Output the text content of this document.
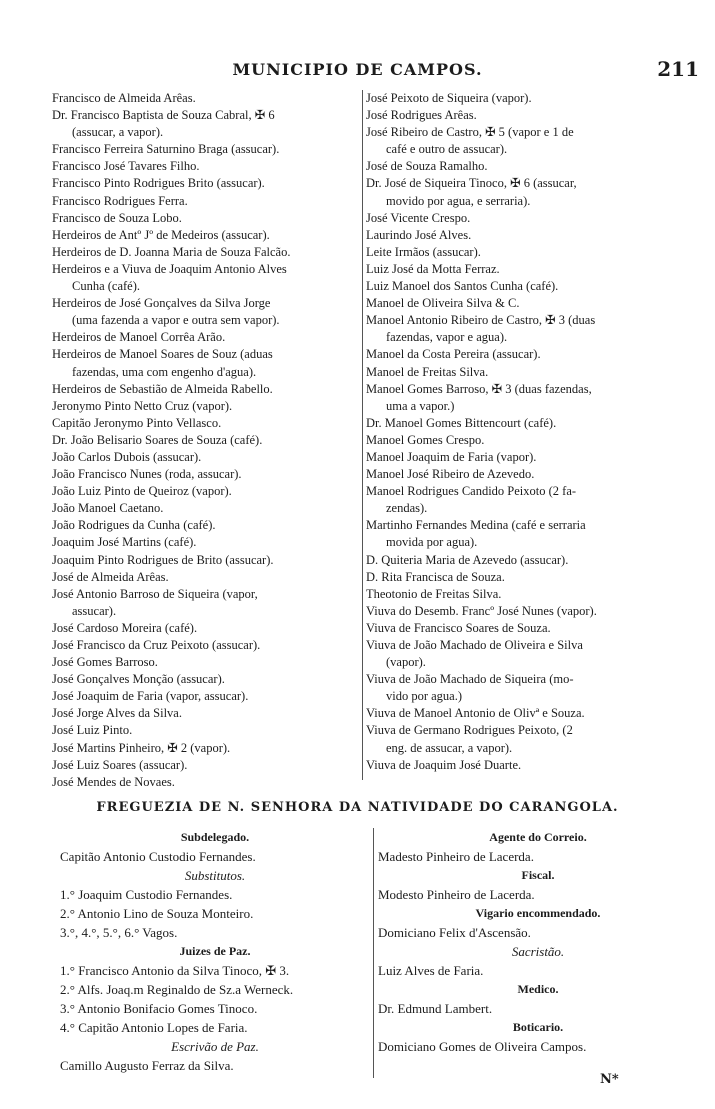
MUNICIPIO DE CAMPOS.	211
Francisco de Almeida Arêas.
Dr. Francisco Baptista de Souza Cabral, ✠ 6
(assucar, a vapor).
Francisco Ferreira Saturnino Braga (assucar).
Francisco José Tavares Filho.
Francisco Pinto Rodrigues Brito (assucar).
Francisco Rodrigues Ferra.
Francisco de Souza Lobo.
Herdeiros de Antº Jº de Medeiros (assucar).
Herdeiros de D. Joanna Maria de Souza Falcão.
Herdeiros e a Viuva de Joaquim Antonio Alves
Cunha (café).
Herdeiros de José Gonçalves da Silva Jorge
(uma fazenda a vapor e outra sem vapor).
Herdeiros de Manoel Corrêa Arão.
Herdeiros de Manoel Soares de Souz (aduas
fazendas, uma com engenho d'agua).
Herdeiros de Sebastião de Almeida Rabello.
Jeronymo Pinto Netto Cruz (vapor).
Capitão Jeronymo Pinto Vellasco.
Dr. João Belisario Soares de Souza (café).
João Carlos Dubois (assucar).
João Francisco Nunes (roda, assucar).
João Luiz Pinto de Queiroz (vapor).
João Manoel Caetano.
João Rodrigues da Cunha (café).
Joaquim José Martins (café).
Joaquim Pinto Rodrigues de Brito (assucar).
José de Almeida Arêas.
José Antonio Barroso de Siqueira (vapor,
assucar).
José Cardoso Moreira (café).
José Francisco da Cruz Peixoto (assucar).
José Gomes Barroso.
José Gonçalves Monção (assucar).
José Joaquim de Faria (vapor, assucar).
José Jorge Alves da Silva.
José Luiz Pinto.
José Martins Pinheiro, ✠ 2 (vapor).
José Luiz Soares (assucar).
José Mendes de Novaes.
José Peixoto de Siqueira (vapor).
José Rodrigues Arêas.
José Ribeiro de Castro, ✠ 5 (vapor e 1 de
café e outro de assucar).
José de Souza Ramalho.
Dr. José de Siqueira Tinoco, ✠ 6 (assucar,
movido por agua, e serraria).
José Vicente Crespo.
Laurindo José Alves.
Leite Irmãos (assucar).
Luiz José da Motta Ferraz.
Luiz Manoel dos Santos Cunha (café).
Manoel de Oliveira Silva & C.
Manoel Antonio Ribeiro de Castro, ✠ 3 (duas
fazendas, vapor e agua).
Manoel da Costa Pereira (assucar).
Manoel de Freitas Silva.
Manoel Gomes Barroso, ✠ 3 (duas fazendas,
uma a vapor.)
Dr. Manoel Gomes Bittencourt (café).
Manoel Gomes Crespo.
Manoel Joaquim de Faria (vapor).
Manoel José Ribeiro de Azevedo.
Manoel Rodrigues Candido Peixoto (2 fa-
zendas).
Martinho Fernandes Medina (café e serraria
movida por agua).
D. Quiteria Maria de Azevedo (assucar).
D. Rita Francisca de Souza.
Theotonio de Freitas Silva.
Viuva do Desemb. Francº José Nunes (vapor).
Viuva de Francisco Soares de Souza.
Viuva de João Machado de Oliveira e Silva
(vapor).
Viuva de João Machado de Siqueira (mo-
vido por agua.)
Viuva de Manoel Antonio de Olivª e Souza.
Viuva de Germano Rodrigues Peixoto, (2
eng. de assucar, a vapor).
Viuva de Joaquim José Duarte.
FREGUEZIA DE N. SENHORA DA NATIVIDADE DO CARANGOLA.
Subdelegado.
Capitão Antonio Custodio Fernandes.
Substitutos.
1.° Joaquim Custodio Fernandes.
2.° Antonio Lino de Souza Monteiro.
3.°, 4.°, 5.°, 6.° Vagos.
Juizes de Paz.
1.° Francisco Antonio da Silva Tinoco, ✠ 3.
2.° Alfs. Joaq.m Reginaldo de Sz.a Werneck.
3.° Antonio Bonifacio Gomes Tinoco.
4.° Capitão Antonio Lopes de Faria.
Escrivão de Paz.
Camillo Augusto Ferraz da Silva.
Agente do Correio.
Madesto Pinheiro de Lacerda.
Fiscal.
Modesto Pinheiro de Lacerda.
Vigario encommendado.
Domiciano Felix d'Ascensão.
Sacristão.
Luiz Alves de Faria.
Medico.
Dr. Edmund Lambert.
Boticario.
Domiciano Gomes de Oliveira Campos.
N*
